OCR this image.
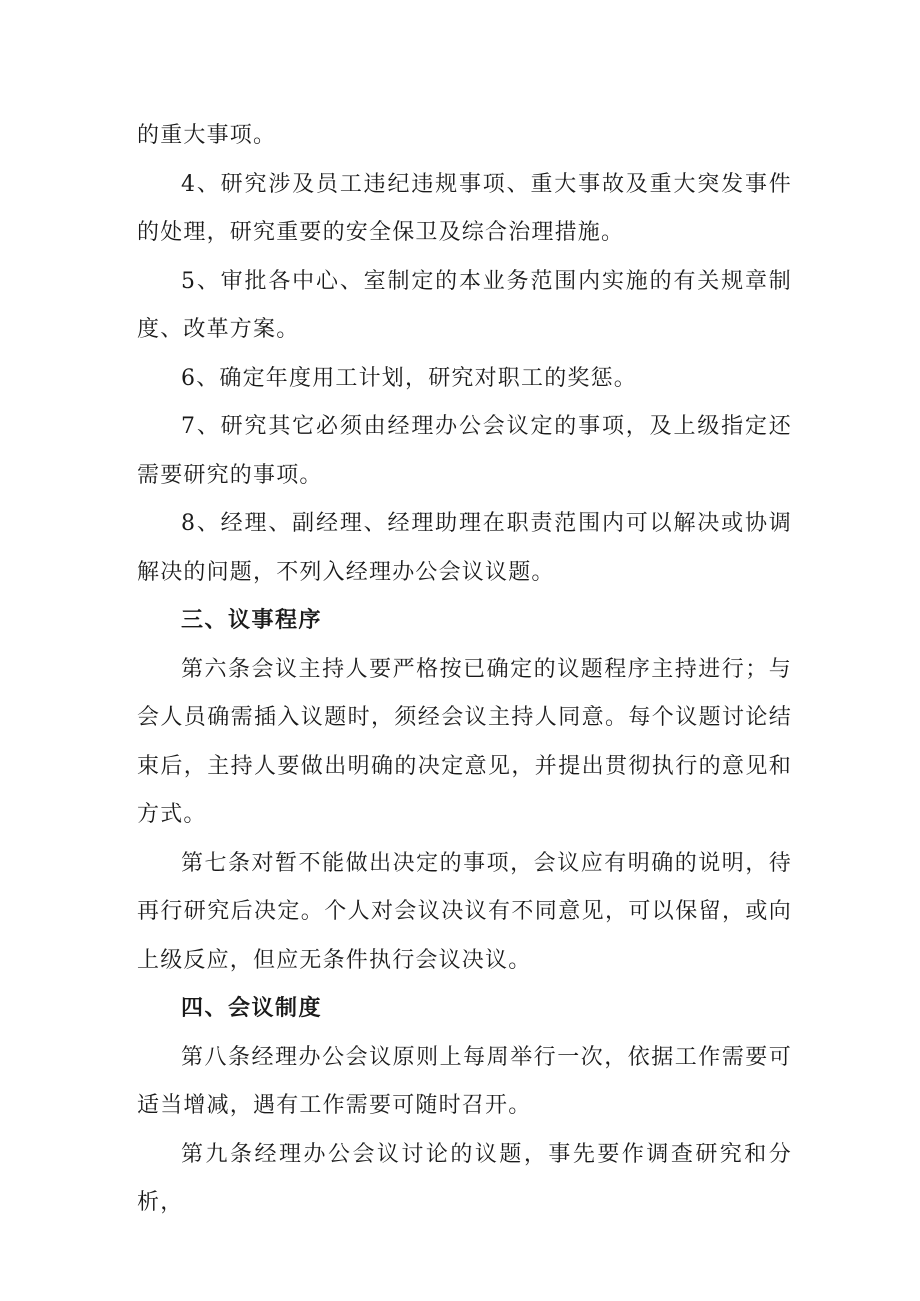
的重大事项。

4、研究涉及员工违纪违规事项、重大事故及重大突发事件的处理，研究重要的安全保卫及综合治理措施。

5、审批各中心、室制定的本业务范围内实施的有关规章制度、改革方案。

6、确定年度用工计划，研究对职工的奖惩。

7、研究其它必须由经理办公会议定的事项，及上级指定还需要研究的事项。

8、经理、副经理、经理助理在职责范围内可以解决或协调解决的问题，不列入经理办公会议议题。

三、议事程序

第六条会议主持人要严格按已确定的议题程序主持进行；与会人员确需插入议题时，须经会议主持人同意。每个议题讨论结束后，主持人要做出明确的决定意见，并提出贯彻执行的意见和方式。

第七条对暂不能做出决定的事项，会议应有明确的说明，待再行研究后决定。个人对会议决议有不同意见，可以保留，或向上级反应，但应无条件执行会议决议。

四、会议制度

第八条经理办公会议原则上每周举行一次，依据工作需要可适当增减，遇有工作需要可随时召开。

第九条经理办公会议讨论的议题，事先要作调查研究和分析，
